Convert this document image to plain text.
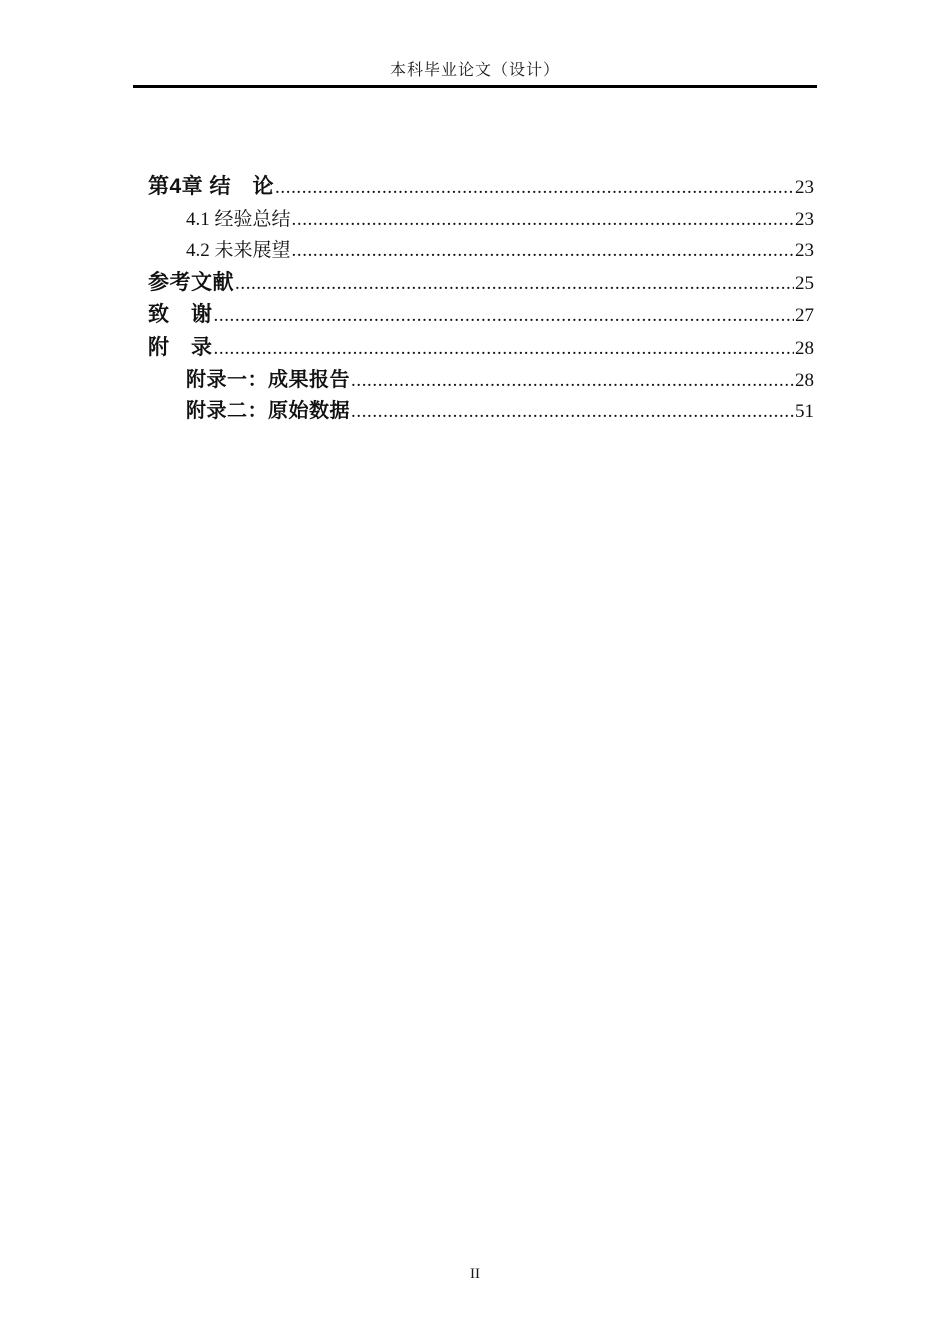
本科毕业论文（设计）
第4章 结　论 .....	23
4.1 经验总结 .....	23
4.2 未来展望 .....	23
参考文献 .....	25
致　谢 .....	27
附　录 .....	28
附录一：成果报告 .....	28
附录二：原始数据 .....	51
II
